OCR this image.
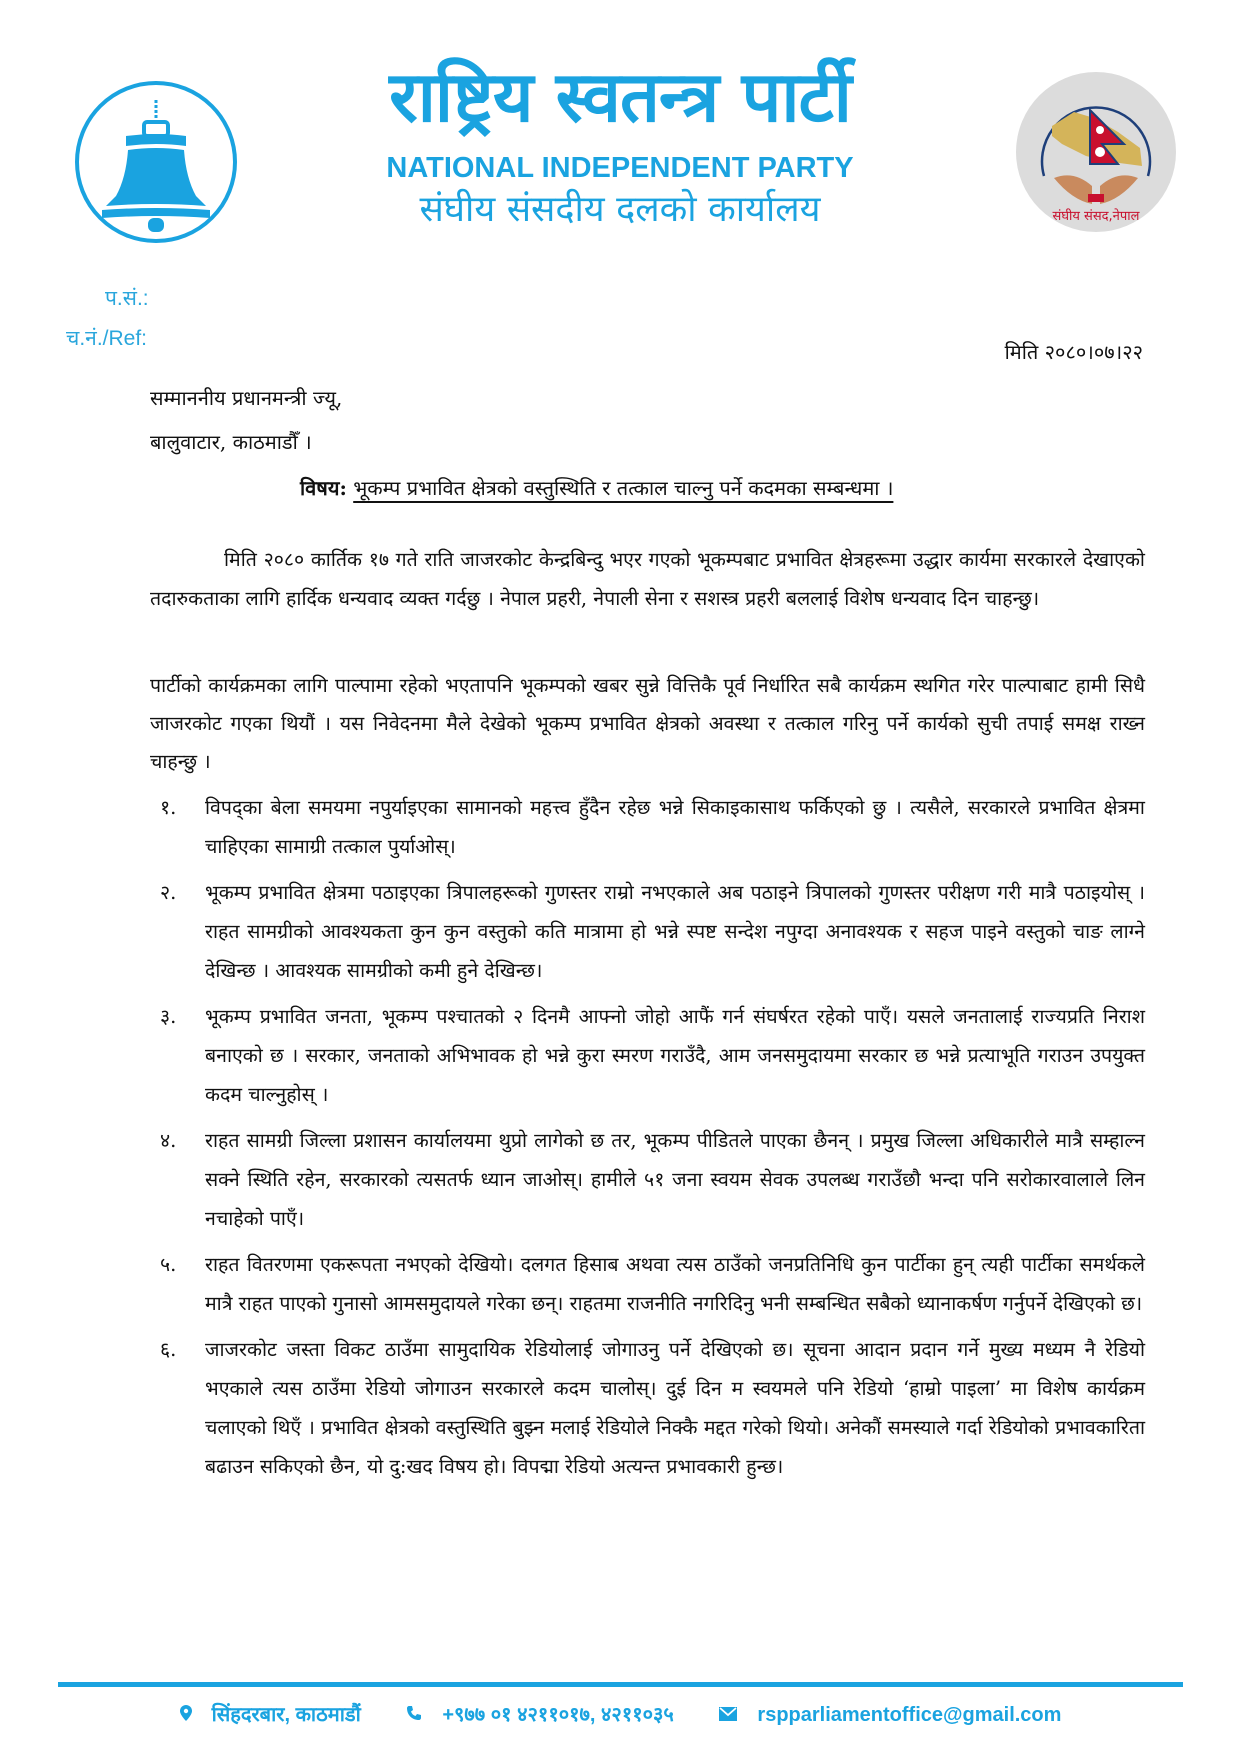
राष्ट्रिय स्वतन्त्र पार्टी
NATIONAL INDEPENDENT PARTY
संघीय संसदीय दलको कार्यालय	संघीय संसद,नेपाल
प.सं.:
च.नं./Ref:
मिति २०८०।०७।२२
सम्माननीय प्रधानमन्त्री ज्यू,
बालुवाटार, काठमाडौँ ।
विषय: भूकम्प प्रभावित क्षेत्रको वस्तुस्थिति र तत्काल चाल्नु पर्ने कदमका सम्बन्धमा ।
मिति २०८० कार्तिक १७ गते राति जाजरकोट केन्द्रबिन्दु भएर गएको भूकम्पबाट प्रभावित क्षेत्रहरूमा उद्धार कार्यमा सरकारले देखाएको तदारुकताका लागि हार्दिक धन्यवाद व्यक्त गर्दछु । नेपाल प्रहरी, नेपाली सेना र सशस्त्र प्रहरी बललाई विशेष धन्यवाद दिन चाहन्छु।
पार्टीको कार्यक्रमका लागि पाल्पामा रहेको भएतापनि भूकम्पको खबर सुन्ने वित्तिकै पूर्व निर्धारित सबै कार्यक्रम स्थगित गरेर पाल्पाबाट हामी सिधै जाजरकोट गएका थियौं । यस निवेदनमा मैले देखेको भूकम्प प्रभावित क्षेत्रको अवस्था र तत्काल गरिनु पर्ने कार्यको सुची तपाई समक्ष राख्न चाहन्छु ।
१.	विपद्का बेला समयमा नपुर्याइएका सामानको महत्त्व हुँदैन रहेछ भन्ने सिकाइकासाथ फर्किएको छु । त्यसैले, सरकारले प्रभावित क्षेत्रमा चाहिएका सामाग्री तत्काल पुर्याओस्।
२.	भूकम्प प्रभावित क्षेत्रमा पठाइएका त्रिपालहरूको गुणस्तर राम्रो नभएकाले अब पठाइने त्रिपालको गुणस्तर परीक्षण गरी मात्रै पठाइयोस् । राहत सामग्रीको आवश्यकता कुन कुन वस्तुको कति मात्रामा हो भन्ने स्पष्ट सन्देश नपुग्दा अनावश्यक र सहज पाइने वस्तुको चाङ लाग्ने देखिन्छ । आवश्यक सामग्रीको कमी हुने देखिन्छ।
३.	भूकम्प प्रभावित जनता, भूकम्प पश्चातको २ दिनमै आफ्नो जोहो आफैं गर्न संघर्षरत रहेको पाएँ। यसले जनतालाई राज्यप्रति निराश बनाएको छ । सरकार, जनताको अभिभावक हो भन्ने कुरा स्मरण गराउँदै, आम जनसमुदायमा सरकार छ भन्ने प्रत्याभूति गराउन उपयुक्त कदम चाल्नुहोस् ।
४.	राहत सामग्री जिल्ला प्रशासन कार्यालयमा थुप्रो लागेको छ तर, भूकम्प पीडितले पाएका छैनन् । प्रमुख जिल्ला अधिकारीले मात्रै सम्हाल्न सक्ने स्थिति रहेन, सरकारको त्यसतर्फ ध्यान जाओस्। हामीले ५१ जना स्वयम सेवक उपलब्ध गराउँछौ भन्दा पनि सरोकारवालाले लिन नचाहेको पाएँ।
५.	राहत वितरणमा एकरूपता नभएको देखियो। दलगत हिसाब अथवा त्यस ठाउँको जनप्रतिनिधि कुन पार्टीका हुन् त्यही पार्टीका समर्थकले मात्रै राहत पाएको गुनासो आमसमुदायले गरेका छन्। राहतमा राजनीति नगरिदिनु भनी सम्बन्धित सबैको ध्यानाकर्षण गर्नुपर्ने देखिएको छ।
६.	जाजरकोट जस्ता विकट ठाउँमा सामुदायिक रेडियोलाई जोगाउनु पर्ने देखिएको छ। सूचना आदान प्रदान गर्ने मुख्य मध्यम नै रेडियो भएकाले त्यस ठाउँमा रेडियो जोगाउन सरकारले कदम चालोस्। दुई दिन म स्वयमले पनि रेडियो ‘हाम्रो पाइला’ मा विशेष कार्यक्रम चलाएको थिएँ । प्रभावित क्षेत्रको वस्तुस्थिति बुझ्न मलाई रेडियोले निक्कै मद्दत गरेको थियो। अनेकौं समस्याले गर्दा रेडियोको प्रभावकारिता बढाउन सकिएको छैन, यो दु:खद विषय हो। विपद्मा रेडियो अत्यन्त प्रभावकारी हुन्छ।
सिंहदरबार, काठमाडौं	+९७७ ०१ ४२११०१७, ४२११०३५	rspparliamentoffice@gmail.com
